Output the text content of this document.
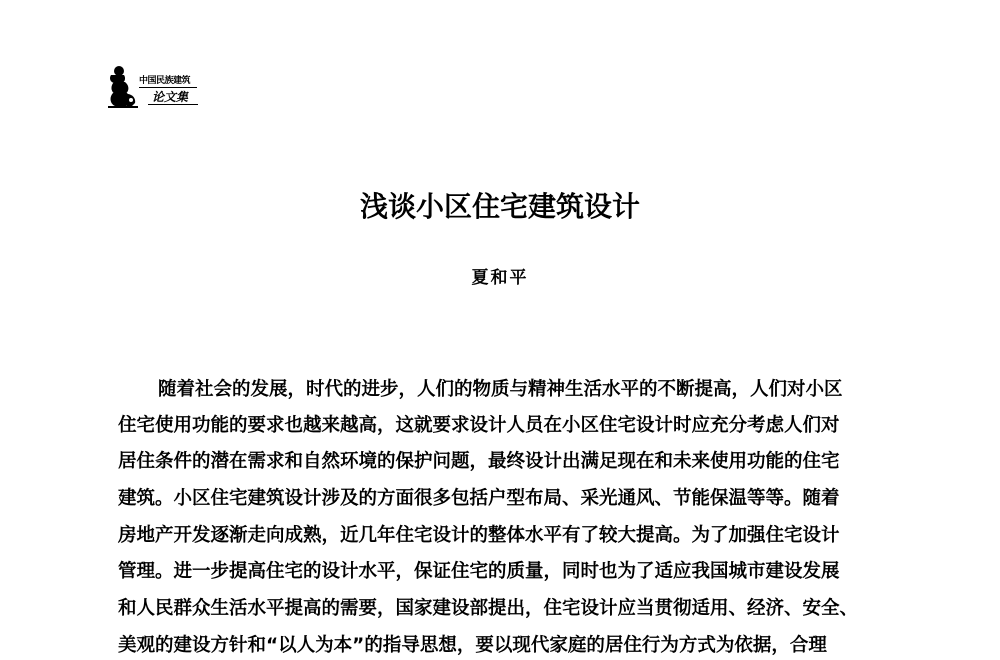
中国民族建筑
论文集
浅谈小区住宅建筑设计
夏和平
随着社会的发展，时代的进步，人们的物质与精神生活水平的不断提高，人们对小区
住宅使用功能的要求也越来越高，这就要求设计人员在小区住宅设计时应充分考虑人们对
居住条件的潜在需求和自然环境的保护问题，最终设计出满足现在和未来使用功能的住宅
建筑。小区住宅建筑设计涉及的方面很多包括户型布局、采光通风、节能保温等等。随着
房地产开发逐渐走向成熟，近几年住宅设计的整体水平有了较大提高。为了加强住宅设计
管理。进一步提高住宅的设计水平，保证住宅的质量，同时也为了适应我国城市建设发展
和人民群众生活水平提高的需要，国家建设部提出，住宅设计应当贯彻适用、经济、安全、
美观的建设方针和“以人为本”的指导思想，要以现代家庭的居住行为方式为依据，合理
